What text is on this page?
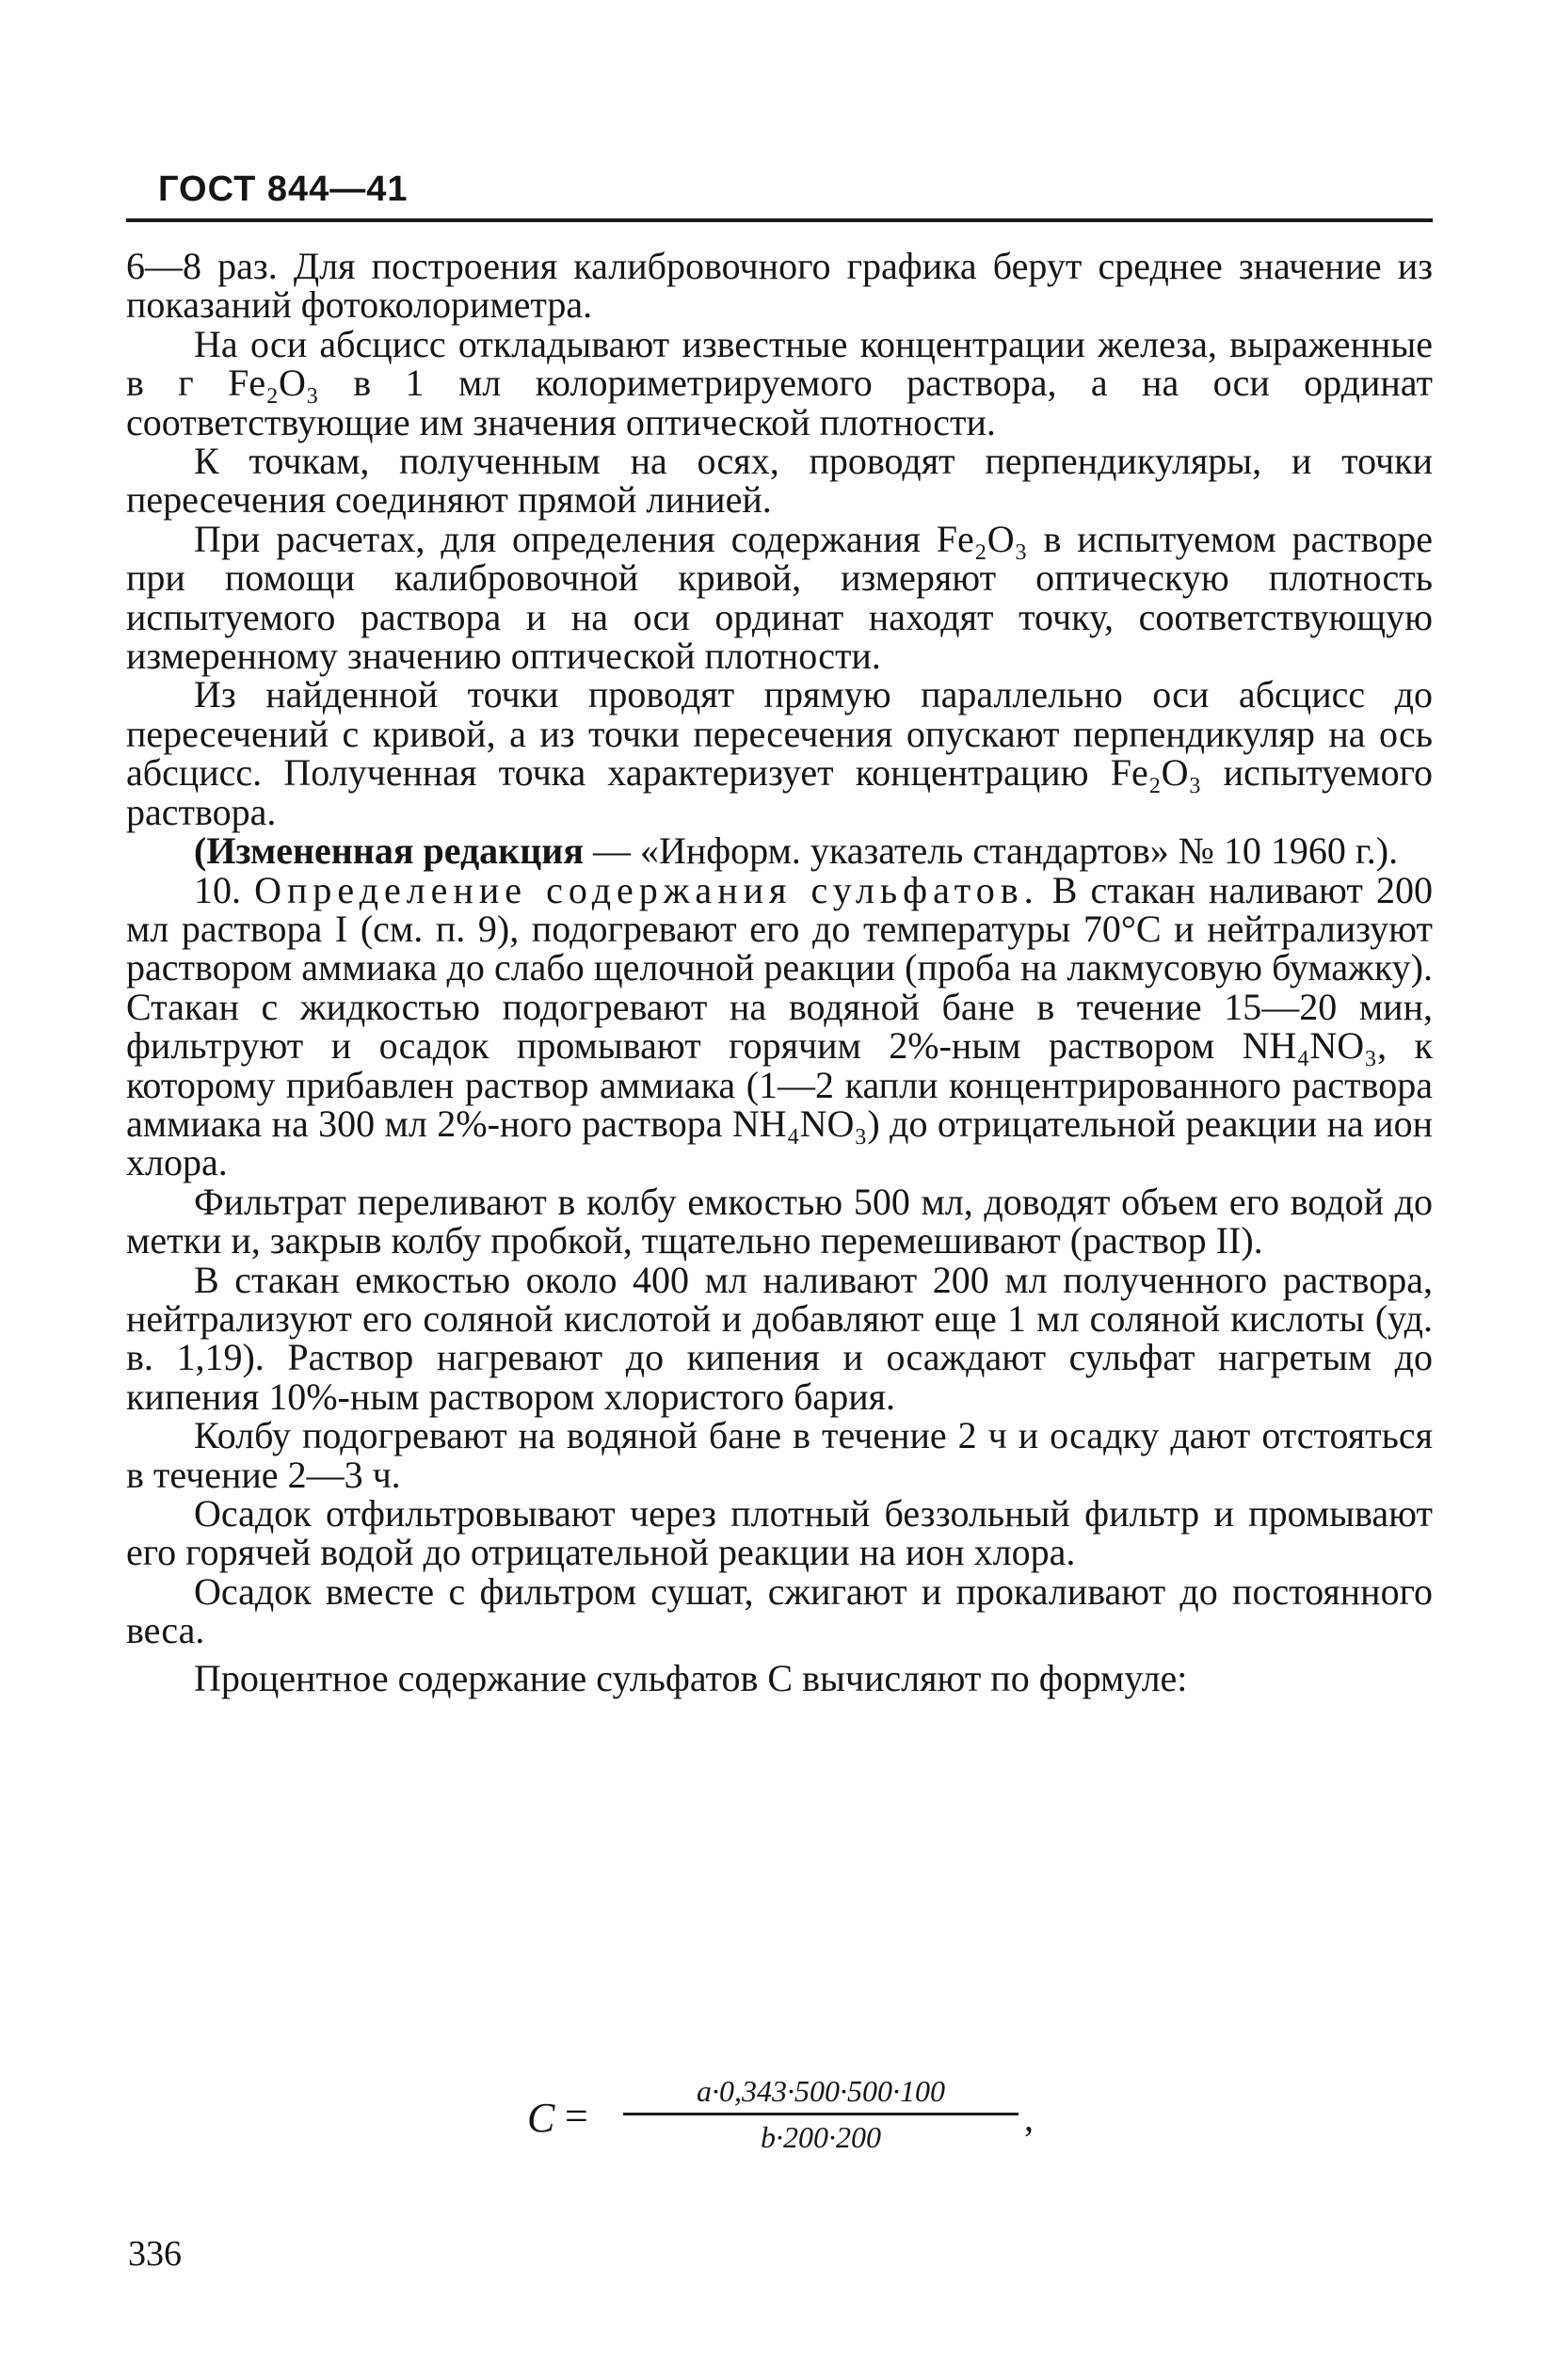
ГОСТ 844—41

6—8 раз. Для построения калибровочного графика берут среднее значение из показаний фотоколориметра.

На оси абсцисс откладывают известные концентрации железа, выраженные в г Fe₂O₃ в 1 мл колориметрируемого раствора, а на оси ординат соответствующие им значения оптической плотности.

К точкам, полученным на осях, проводят перпендикуляры, и точки пересечения соединяют прямой линией.

При расчетах, для определения содержания Fe₂O₃ в испытуемом растворе при помощи калибровочной кривой, измеряют оптическую плотность испытуемого раствора и на оси ординат находят точку, соответствующую измеренному значению оптической плотности.

Из найденной точки проводят прямую параллельно оси абсцисс до пересечений с кривой, а из точки пересечения опускают перпендикуляр на ось абсцисс. Полученная точка характеризует концентрацию Fe₂O₃ испытуемого раствора.

(Измененная редакция — «Информ. указатель стандартов» № 10 1960 г.).

10. Определение содержания сульфатов. В стакан наливают 200 мл раствора I (см. п. 9), подогревают его до температуры 70°С и нейтрализуют раствором аммиака до слабо щелочной реакции (проба на лакмусовую бумажку). Стакан с жидкостью подогревают на водяной бане в течение 15—20 мин, фильтруют и осадок промывают горячим 2%-ным раствором NH₄NO₃, к которому прибавлен раствор аммиака (1—2 капли концентрированного раствора аммиака на 300 мл 2%-ного раствора NH₄NO₃) до отрицательной реакции на ион хлора.

Фильтрат переливают в колбу емкостью 500 мл, доводят объем его водой до метки и, закрыв колбу пробкой, тщательно перемешивают (раствор II).

В стакан емкостью около 400 мл наливают 200 мл полученного раствора, нейтрализуют его соляной кислотой и добавляют еще 1 мл соляной кислоты (уд. в. 1,19). Раствор нагревают до кипения и осаждают сульфат нагретым до кипения 10%-ным раствором хлористого бария.

Колбу подогревают на водяной бане в течение 2 ч и осадку дают отстояться в течение 2—3 ч.

Осадок отфильтровывают через плотный беззольный фильтр и промывают его горячей водой до отрицательной реакции на ион хлора.

Осадок вместе с фильтром сушат, сжигают и прокаливают до постоянного веса.

Процентное содержание сульфатов С вычисляют по формуле:

C =
a·0,343·500·500·100
b·200·200	,
336
